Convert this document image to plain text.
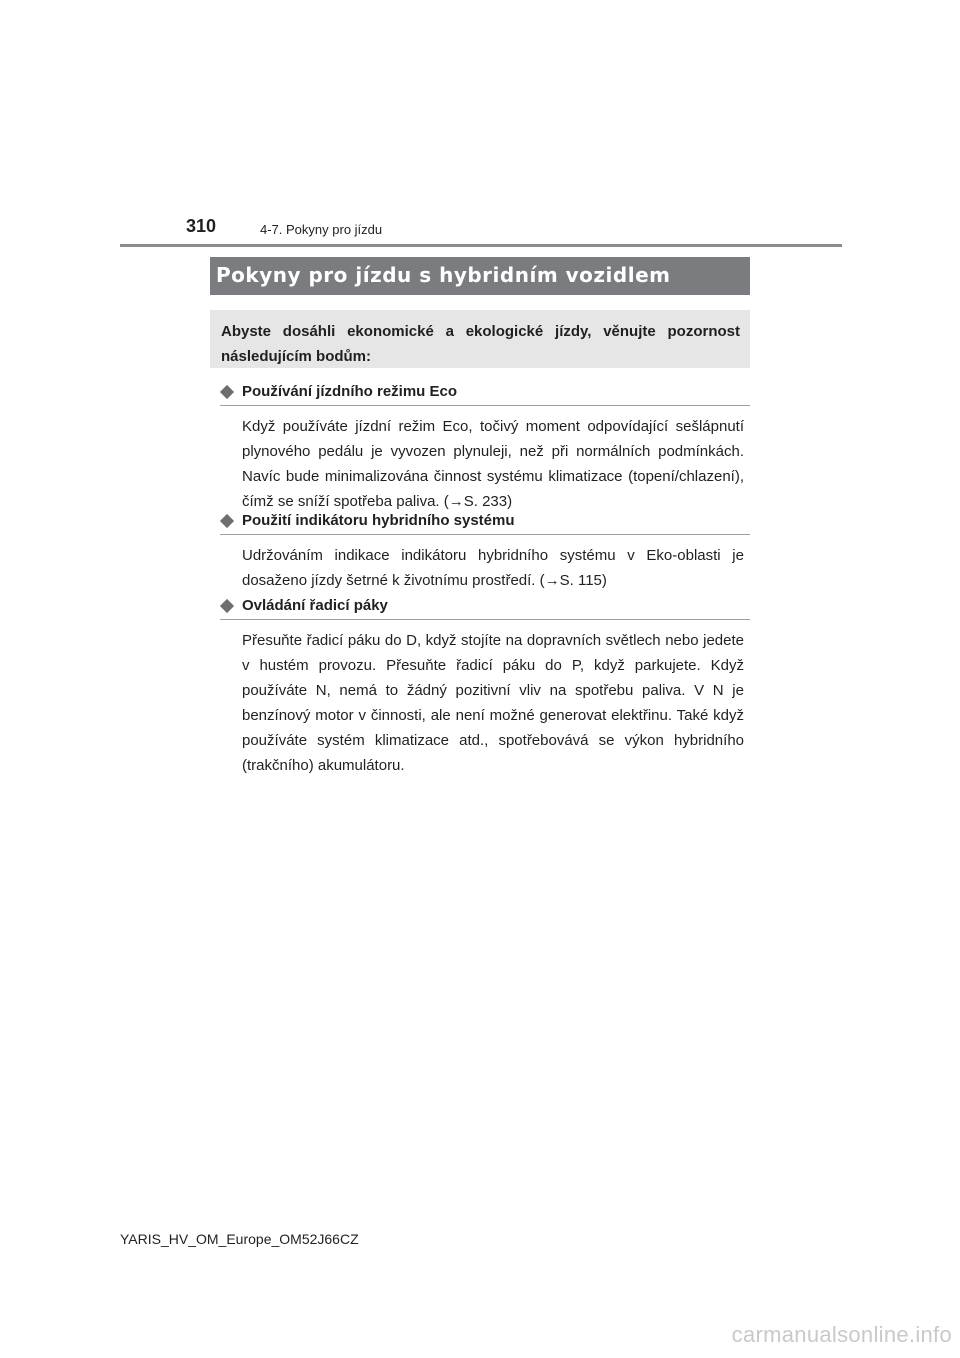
310	4-7. Pokyny pro jízdu
Pokyny pro jízdu s hybridním vozidlem
Abyste dosáhli ekonomické a ekologické jízdy, věnujte pozornost následujícím bodům:
Používání jízdního režimu Eco
Když používáte jízdní režim Eco, točivý moment odpovídající sešlápnutí plynového pedálu je vyvozen plynuleji, než při normálních podmínkách. Navíc bude minimalizována činnost systému klimatizace (topení/chlazení), čímž se sníží spotřeba paliva. (→S. 233)
Použití indikátoru hybridního systému
Udržováním indikace indikátoru hybridního systému v Eko-oblasti je dosaženo jízdy šetrné k životnímu prostředí. (→S. 115)
Ovládání řadicí páky
Přesuňte řadicí páku do D, když stojíte na dopravních světlech nebo jedete v hustém provozu. Přesuňte řadicí páku do P, když parkujete. Když používáte N, nemá to žádný pozitivní vliv na spotřebu paliva. V N je benzínový motor v činnosti, ale není možné generovat elektřinu. Také když používáte systém klimatizace atd., spotřebovává se výkon hybridního (trakčního) akumulátoru.
YARIS_HV_OM_Europe_OM52J66CZ
carmanualsonline.info
